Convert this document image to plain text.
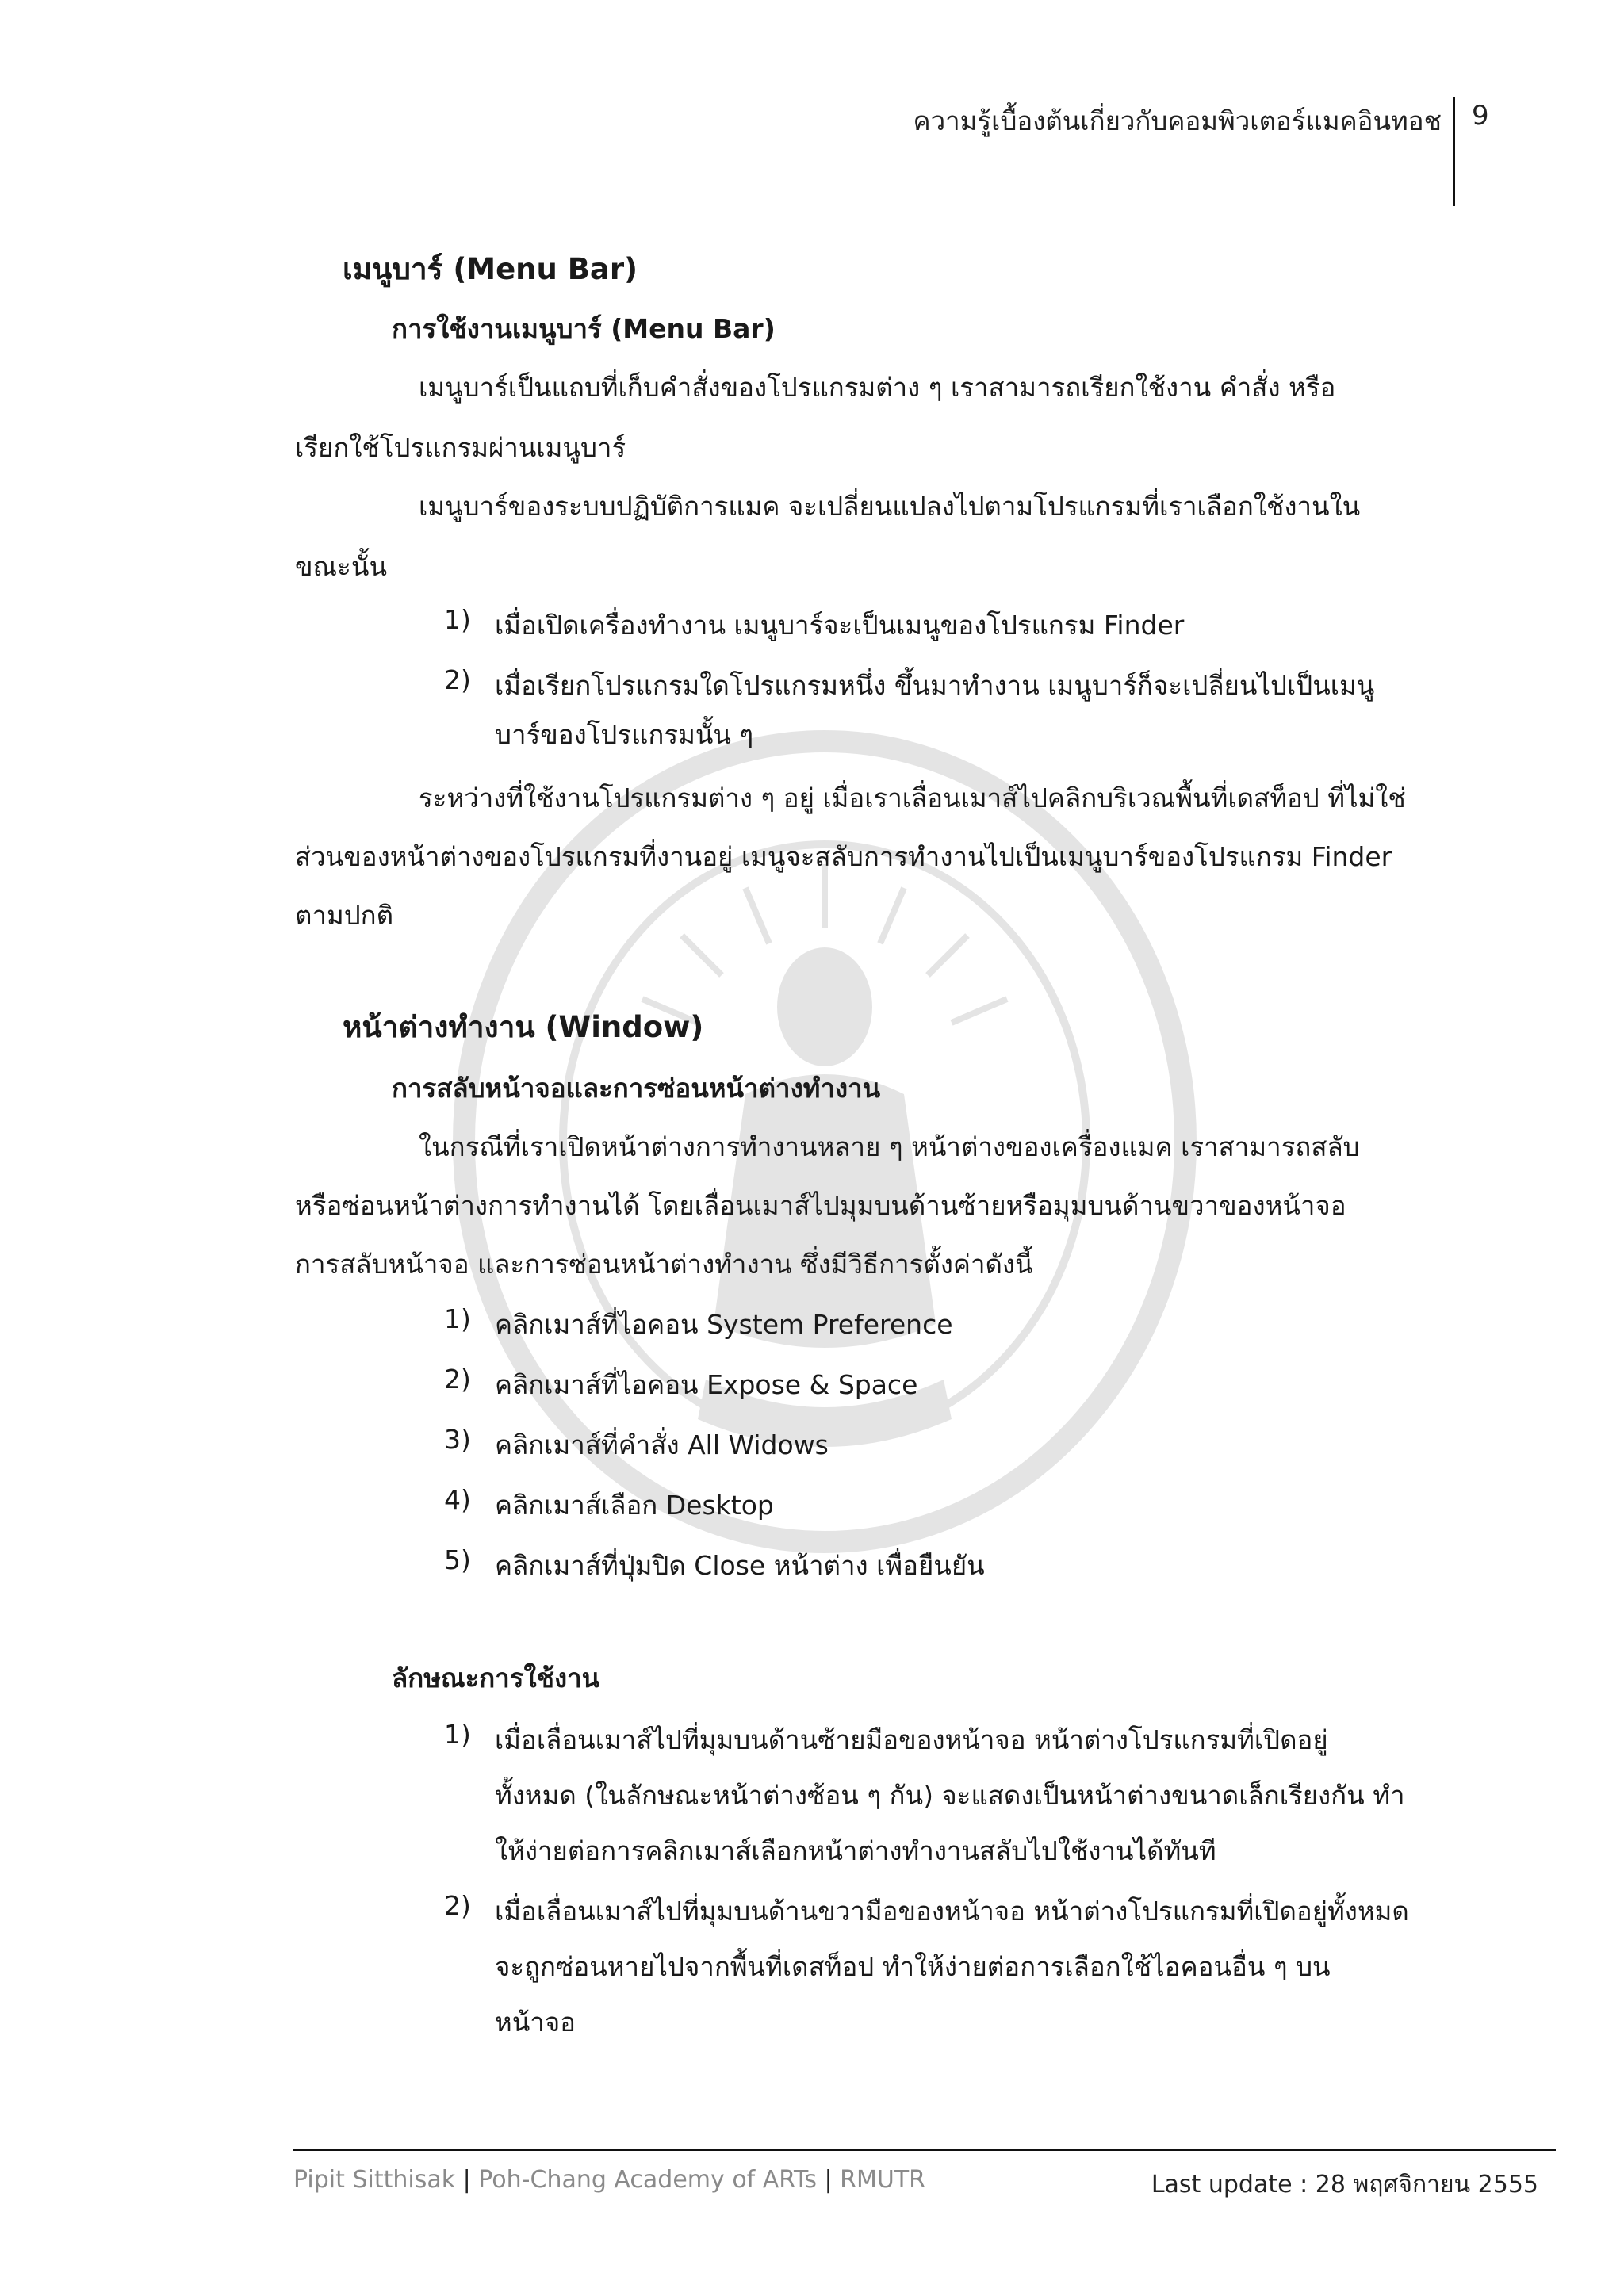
ความรู้เบื้องต้นเกี่ยวกับคอมพิวเตอร์แมคอินทอช 9
เมนูบาร์ (Menu Bar)
การใช้งานเมนูบาร์ (Menu Bar)
เมนูบาร์เป็นแถบที่เก็บคำสั่งของโปรแกรมต่าง ๆ เราสามารถเรียกใช้งาน คำสั่ง หรือ
เรียกใช้โปรแกรมผ่านเมนูบาร์
เมนูบาร์ของระบบปฏิบัติการแมค จะเปลี่ยนแปลงไปตามโปรแกรมที่เราเลือกใช้งานใน
ขณะนั้น
1) เมื่อเปิดเครื่องทำงาน เมนูบาร์จะเป็นเมนูของโปรแกรม Finder
2) เมื่อเรียกโปรแกรมใดโปรแกรมหนึ่ง ขึ้นมาทำงาน เมนูบาร์ก็จะเปลี่ยนไปเป็นเมนู
บาร์ของโปรแกรมนั้น ๆ
ระหว่างที่ใช้งานโปรแกรมต่าง ๆ อยู่ เมื่อเราเลื่อนเมาส์ไปคลิกบริเวณพื้นที่เดสท็อป ที่ไม่ใช่
ส่วนของหน้าต่างของโปรแกรมที่งานอยู่ เมนูจะสลับการทำงานไปเป็นเมนูบาร์ของโปรแกรม Finder
ตามปกติ
หน้าต่างทำงาน (Window)
การสลับหน้าจอและการซ่อนหน้าต่างทำงาน
ในกรณีที่เราเปิดหน้าต่างการทำงานหลาย ๆ หน้าต่างของเครื่องแมค เราสามารถสลับ
หรือซ่อนหน้าต่างการทำงานได้ โดยเลื่อนเมาส์ไปมุมบนด้านซ้ายหรือมุมบนด้านขวาของหน้าจอ
การสลับหน้าจอ และการซ่อนหน้าต่างทำงาน ซึ่งมีวิธีการตั้งค่าดังนี้
1) คลิกเมาส์ที่ไอคอน System Preference
2) คลิกเมาส์ที่ไอคอน Expose & Space
3) คลิกเมาส์ที่คำสั่ง All Widows
4) คลิกเมาส์เลือก Desktop
5) คลิกเมาส์ที่ปุ่มปิด Close หน้าต่าง เพื่อยืนยัน
ลักษณะการใช้งาน
1) เมื่อเลื่อนเมาส์ไปที่มุมบนด้านซ้ายมือของหน้าจอ หน้าต่างโปรแกรมที่เปิดอยู่
ทั้งหมด (ในลักษณะหน้าต่างซ้อน ๆ กัน) จะแสดงเป็นหน้าต่างขนาดเล็กเรียงกัน ทำ
ให้ง่ายต่อการคลิกเมาส์เลือกหน้าต่างทำงานสลับไปใช้งานได้ทันที
2) เมื่อเลื่อนเมาส์ไปที่มุมบนด้านขวามือของหน้าจอ หน้าต่างโปรแกรมที่เปิดอยู่ทั้งหมด
จะถูกซ่อนหายไปจากพื้นที่เดสท็อป ทำให้ง่ายต่อการเลือกใช้ไอคอนอื่น ๆ บน
หน้าจอ
Pipit Sitthisak | Poh-Chang Academy of ARTs | RMUTR	Last update : 28 พฤศจิกายน 2555
